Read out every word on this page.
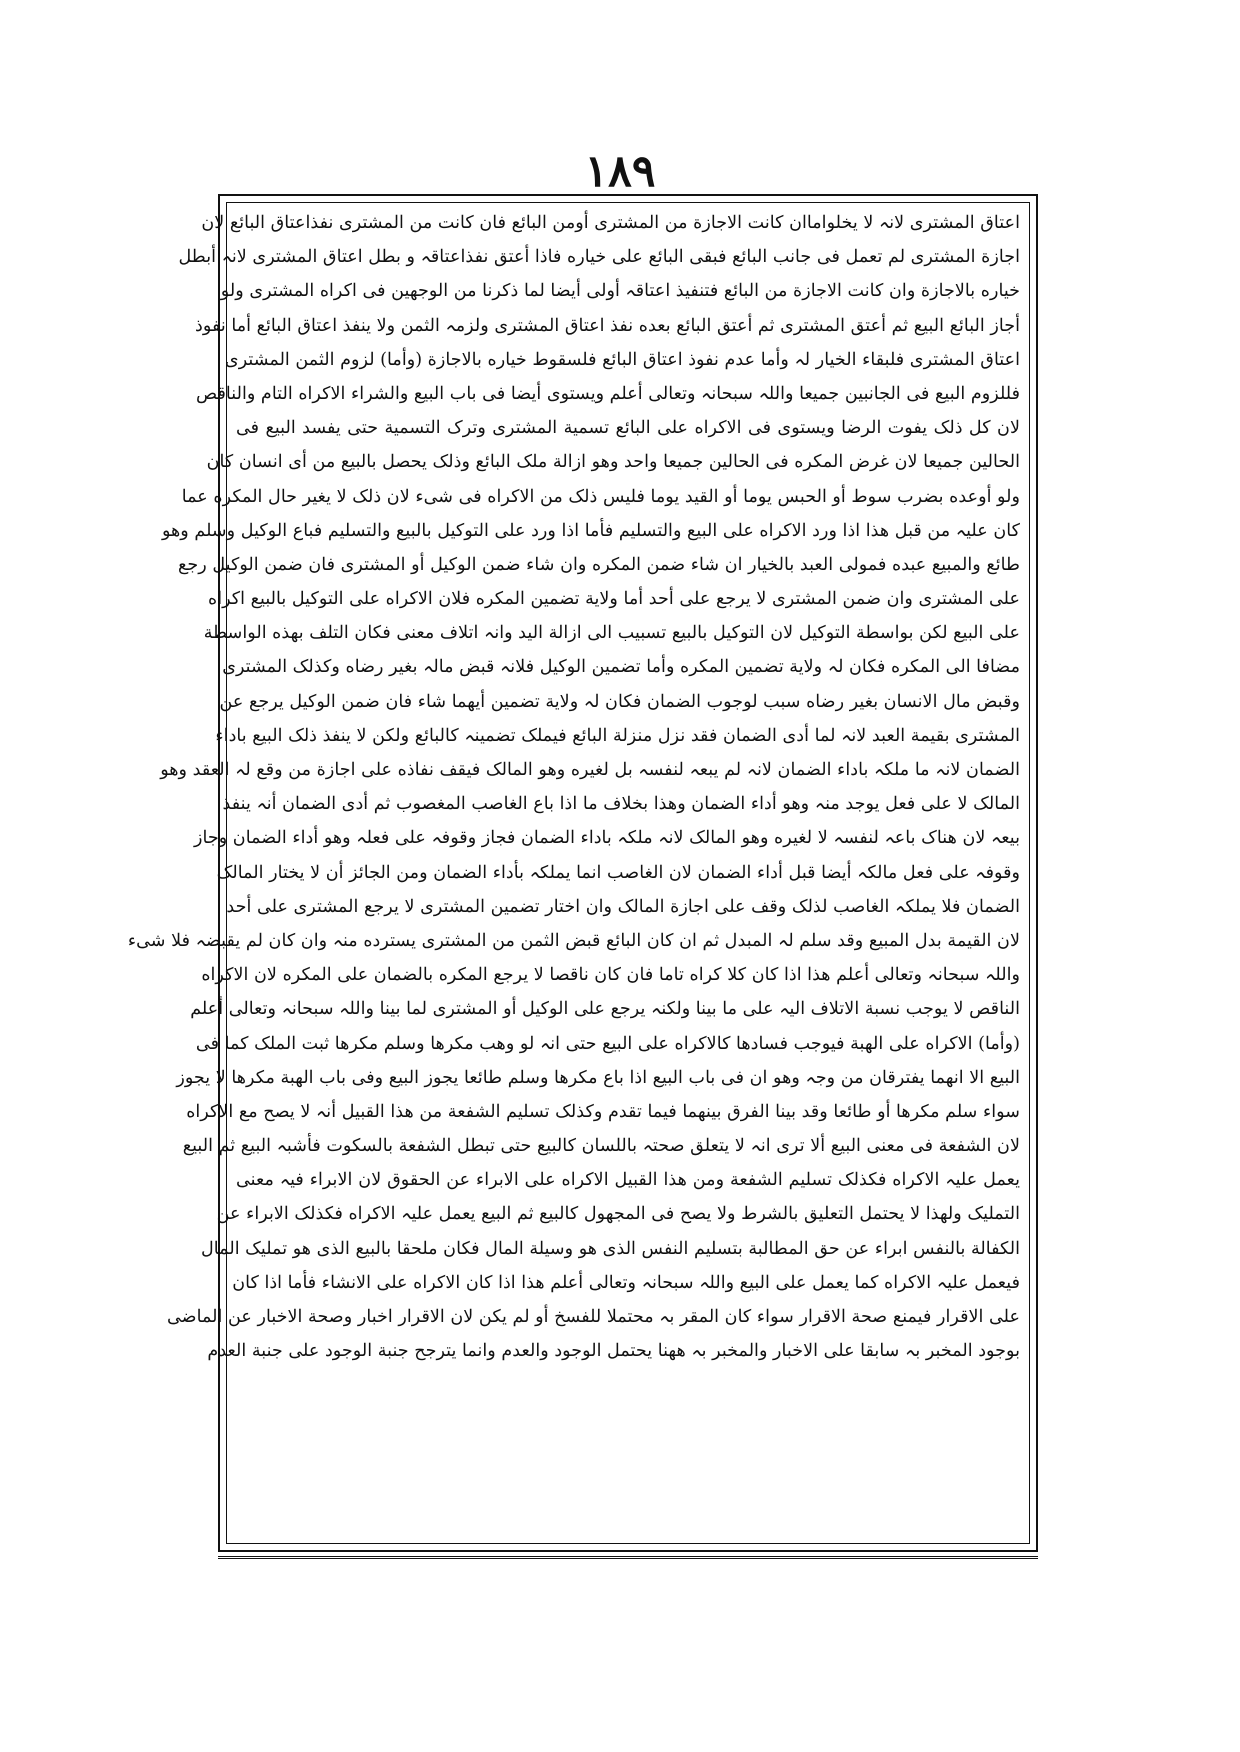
١٨٩
اعتاق المشتری لانہ لا یخلواماان کانت الاجازة من المشتری أومن البائع فان کانت من المشتری نفذاعتاق البائع لان
اجازة المشتری لم تعمل فی جانب البائع فبقی البائع علی خیاره فاذا أعتق نفذاعتاقہ و بطل اعتاق المشتری لانہ أبطل
خیاره بالاجازة وان کانت الاجازة من البائع فتنفیذ اعتاقہ أولی أیضا لما ذکرنا من الوجهین فی اکراه المشتری ولو
أجاز البائع البیع ثم أعتق المشتری ثم أعتق البائع بعده نفذ اعتاق المشتری ولزمہ الثمن ولا ینفذ اعتاق البائع أما نفوذ
اعتاق المشتری فلبقاء الخیار لہ وأما عدم نفوذ اعتاق البائع فلسقوط خیاره بالاجازة (وأما) لزوم الثمن المشتری
فللزوم البیع فی الجانبین جمیعا واللہ سبحانہ وتعالی أعلم ویستوی أیضا فی باب البیع والشراء الاکراه التام والناقص
لان کل ذلک یفوت الرضا ویستوی فی الاکراه علی البائع تسمیة المشتری وترک التسمیة حتی یفسد البیع فی
الحالین جمیعا لان غرض المکره فی الحالین جمیعا واحد وهو ازالة ملک البائع وذلک یحصل بالبیع من أی انسان کان
ولو أوعده بضرب سوط أو الحبس یوما أو القید یوما فلیس ذلک من الاکراه فی شیء لان ذلک لا یغیر حال المکره عما
کان علیہ من قبل هذا اذا ورد الاکراه علی البیع والتسلیم فأما اذا ورد علی التوکیل بالبیع والتسلیم فباع الوکیل وسلم وهو
طائع والمبیع عبده فمولی العبد بالخیار ان شاء ضمن المکره وان شاء ضمن الوکیل أو المشتری فان ضمن الوکیل رجع
علی المشتری وان ضمن المشتری لا یرجع علی أحد أما ولایة تضمین المکره فلان الاکراه علی التوکیل بالبیع اکراه
علی البیع لکن بواسطة التوکیل لان التوکیل بالبیع تسبیب الی ازالة الید وانہ اتلاف معنی فکان التلف بهذه الواسطة
مضافا الی المکره فکان لہ ولایة تضمین المکره وأما تضمین الوکیل فلانہ قبض مالہ بغیر رضاه وکذلک المشتری
وقبض مال الانسان بغیر رضاه سبب لوجوب الضمان فکان لہ ولایة تضمین أیهما شاء فان ضمن الوکیل یرجع عن
المشتری بقیمة العبد لانہ لما أدی الضمان فقد نزل منزلة البائع فیملک تضمینہ کالبائع ولکن لا ینفذ ذلک البیع باداء
الضمان لانہ ما ملکہ باداء الضمان لانہ لم یبعہ لنفسہ بل لغیره وهو المالک فیقف نفاذه علی اجازة من وقع لہ العقد وهو
المالک لا علی فعل یوجد منہ وهو أداء الضمان وهذا بخلاف ما اذا باع الغاصب المغصوب ثم أدی الضمان أنہ ینفذ
بیعہ لان هناک باعہ لنفسہ لا لغیره وهو المالک لانہ ملکہ باداء الضمان فجاز وقوفہ علی فعلہ وهو أداء الضمان وجاز
وقوفہ علی فعل مالکہ أیضا قبل أداء الضمان لان الغاصب انما یملکہ بأداء الضمان ومن الجائز أن لا یختار المالک
الضمان فلا یملکہ الغاصب لذلک وقف علی اجازة المالک وان اختار تضمین المشتری لا یرجع المشتری علی أحد
لان القیمة بدل المبیع وقد سلم لہ المبدل ثم ان کان البائع قبض الثمن من المشتری یسترده منہ وان کان لم یقبضہ فلا شیء
واللہ سبحانہ وتعالی أعلم هذا اذا کان کلا کراه تاما فان کان ناقصا لا یرجع المکره بالضمان علی المکره لان الاکراه
الناقص لا یوجب نسبة الاتلاف الیہ علی ما بینا ولکنہ یرجع علی الوکیل أو المشتری لما بینا واللہ سبحانہ وتعالی أعلم
(وأما) الاکراه علی الهبة فیوجب فسادها کالاکراه علی البیع حتی انہ لو وهب مکرها وسلم مکرها ثبت الملک کما فی
البیع الا انهما یفترقان من وجہ وهو ان فی باب البیع اذا باع مکرها وسلم طائعا یجوز البیع وفی باب الهبة مکرها لا یجوز
سواء سلم مکرها أو طائعا وقد بینا الفرق بینهما فیما تقدم وکذلک تسلیم الشفعة من هذا القبیل أنہ لا یصح مع الاکراه
لان الشفعة فی معنی البیع ألا تری انہ لا یتعلق صحتہ باللسان کالبیع حتی تبطل الشفعة بالسکوت فأشبہ البیع ثم البیع
یعمل علیہ الاکراه فکذلک تسلیم الشفعة ومن هذا القبیل الاکراه علی الابراء عن الحقوق لان الابراء فیہ معنی
التملیک ولهذا لا یحتمل التعلیق بالشرط ولا یصح فی المجهول کالبیع ثم البیع یعمل علیہ الاکراه فکذلک الابراء عن
الکفالة بالنفس ابراء عن حق المطالبة بتسلیم النفس الذی هو وسیلة المال فکان ملحقا بالبیع الذی هو تملیک المال
فیعمل علیہ الاکراه کما یعمل علی البیع واللہ سبحانہ وتعالی أعلم هذا اذا کان الاکراه علی الانشاء فأما اذا کان
علی الاقرار فیمنع صحة الاقرار سواء کان المقر بہ محتملا للفسخ أو لم یکن لان الاقرار اخبار وصحة الاخبار عن الماضی
بوجود المخبر بہ سابقا علی الاخبار والمخبر بہ ههنا یحتمل الوجود والعدم وانما یترجح جنبة الوجود علی جنبة العدم
